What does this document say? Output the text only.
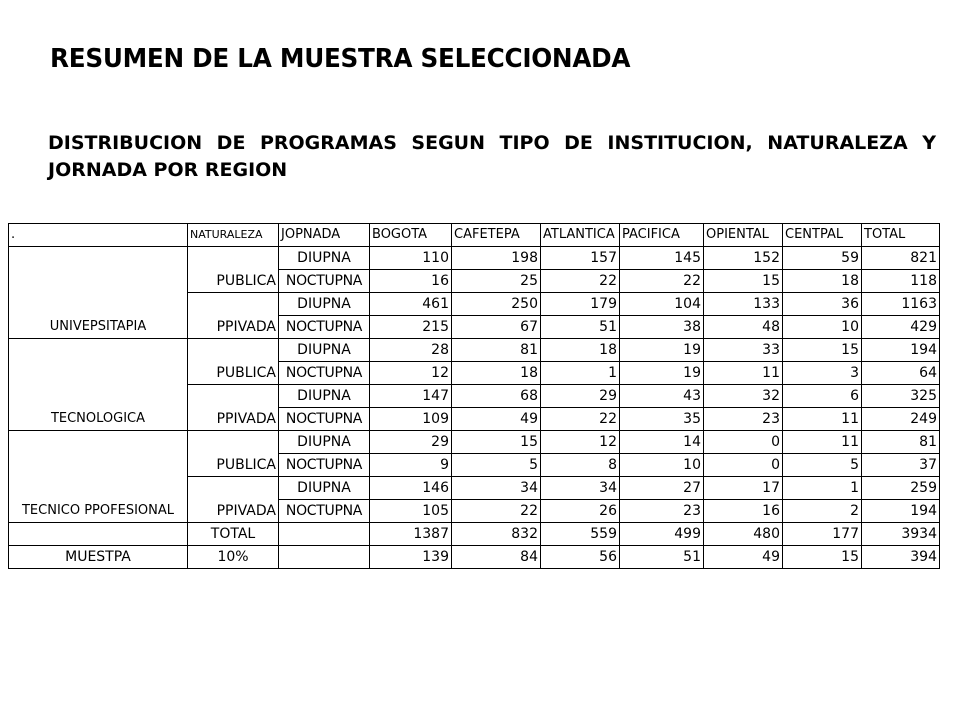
RESUMEN DE LA MUESTRA SELECCIONADA
DISTRIBUCION DE PROGRAMAS SEGUN TIPO DE INSTITUCION, NATURALEZA Y JORNADA POR REGION
.	NATURALEZA	JOPNADA	BOGOTA	CAFETEPA	ATLANTICA	PACIFICA	OPIENTAL	CENTPAL	TOTAL
UNIVEPSITAPIA	PUBLICA	DIUPNA	110	198	157	145	152	59	821
		NOCTUPNA	16	25	22	22	15	18	118
	PPIVADA	DIUPNA	461	250	179	104	133	36	1163
		NOCTUPNA	215	67	51	38	48	10	429
TECNOLOGICA	PUBLICA	DIUPNA	28	81	18	19	33	15	194
		NOCTUPNA	12	18	1	19	11	3	64
	PPIVADA	DIUPNA	147	68	29	43	32	6	325
		NOCTUPNA	109	49	22	35	23	11	249
TECNICO PPOFESIONAL	PUBLICA	DIUPNA	29	15	12	14	0	11	81
		NOCTUPNA	9	5	8	10	0	5	37
	PPIVADA	DIUPNA	146	34	34	27	17	1	259
		NOCTUPNA	105	22	26	23	16	2	194
	TOTAL		1387	832	559	499	480	177	3934
MUESTPA	10%		139	84	56	51	49	15	394
